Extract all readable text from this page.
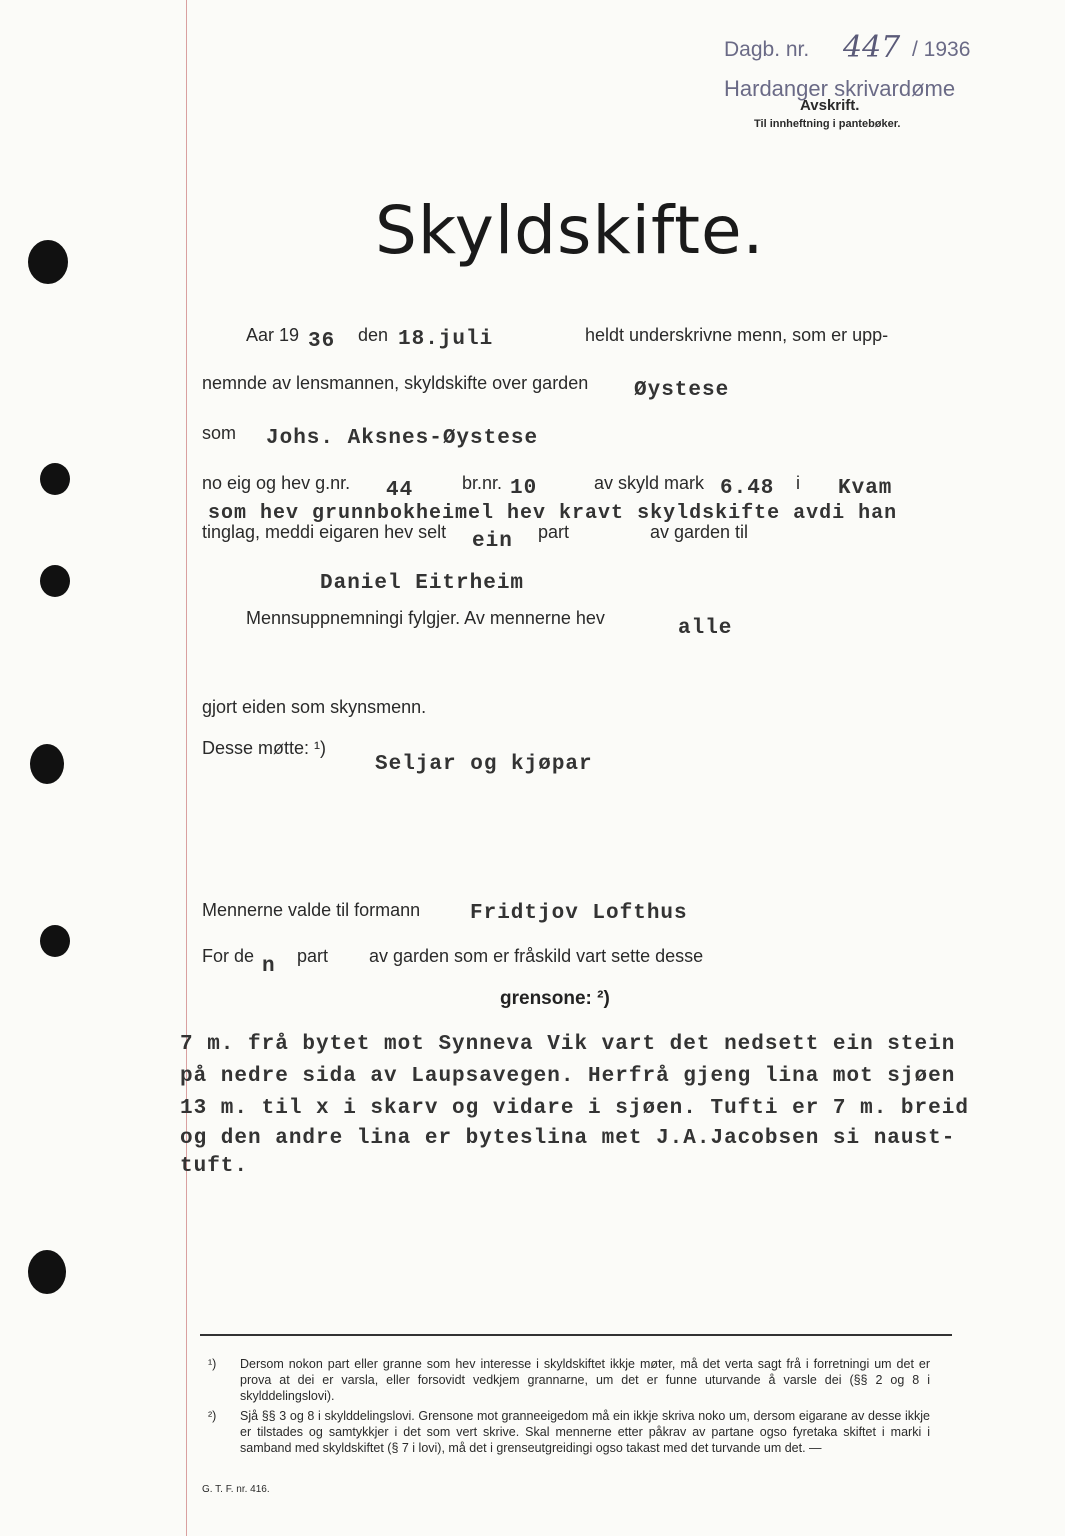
Dagb. nr. 447 / 1936
Hardanger skrivardøme
Avskrift.
Til innheftning i pantebøker.
Skyldskifte.
Aar 19 36 den 18.juli	heldt underskrivne menn, som er upp-
nemnde av lensmannen, skyldskifte over garden Øystese
som Johs. Aksnes-Øystese
no eig og hev g.nr. 44	br.nr. 10	av skyld mark 6.48 i Kvam
som hev grunnbokheimel hev kravt skyldskifte avdi han
tinglag, meddi eigaren hev selt ein part	av garden til
Daniel Eitrheim
Mennsuppnemningi fylgjer. Av mennerne hev	alle
gjort eiden som skynsmenn.
Desse møtte: ¹)
Seljar og kjøpar
Mennerne valde til formann Fridtjov Lofthus
For de n part av garden som er fråskild vart sette desse
grensone: ²)
7 m. frå bytet mot Synneva Vik vart det nedsett ein stein
på nedre sida av Laupsavegen. Herfrå gjeng lina mot sjøen
13 m. til x i skarv og vidare i sjøen. Tufti er 7 m. breid
og den andre lina er byteslina met J.A.Jacobsen si naust-
tuft.
¹) Dersom nokon part eller granne som hev interesse i skyldskiftet ikkje møter, må det verta sagt frå i forretningi um det er prova at dei er varsla, eller forsovidt vedkjem grannarne, um det er funne uturvande å varsle dei (§§ 2 og 8 i skylddelingslovi).
²) Sjå §§ 3 og 8 i skylddelingslovi. Grensone mot granneeigedom må ein ikkje skriva noko um, dersom eigarane av desse ikkje er tilstades og samtykkjer i det som vert skrive. Skal mennerne etter påkrav av partane ogso fyretaka skiftet i marki i samband med skyldskiftet (§ 7 i lovi), må det i grenseutgreidingi ogso takast med det turvande um det. —
G. T. F. nr. 416.
